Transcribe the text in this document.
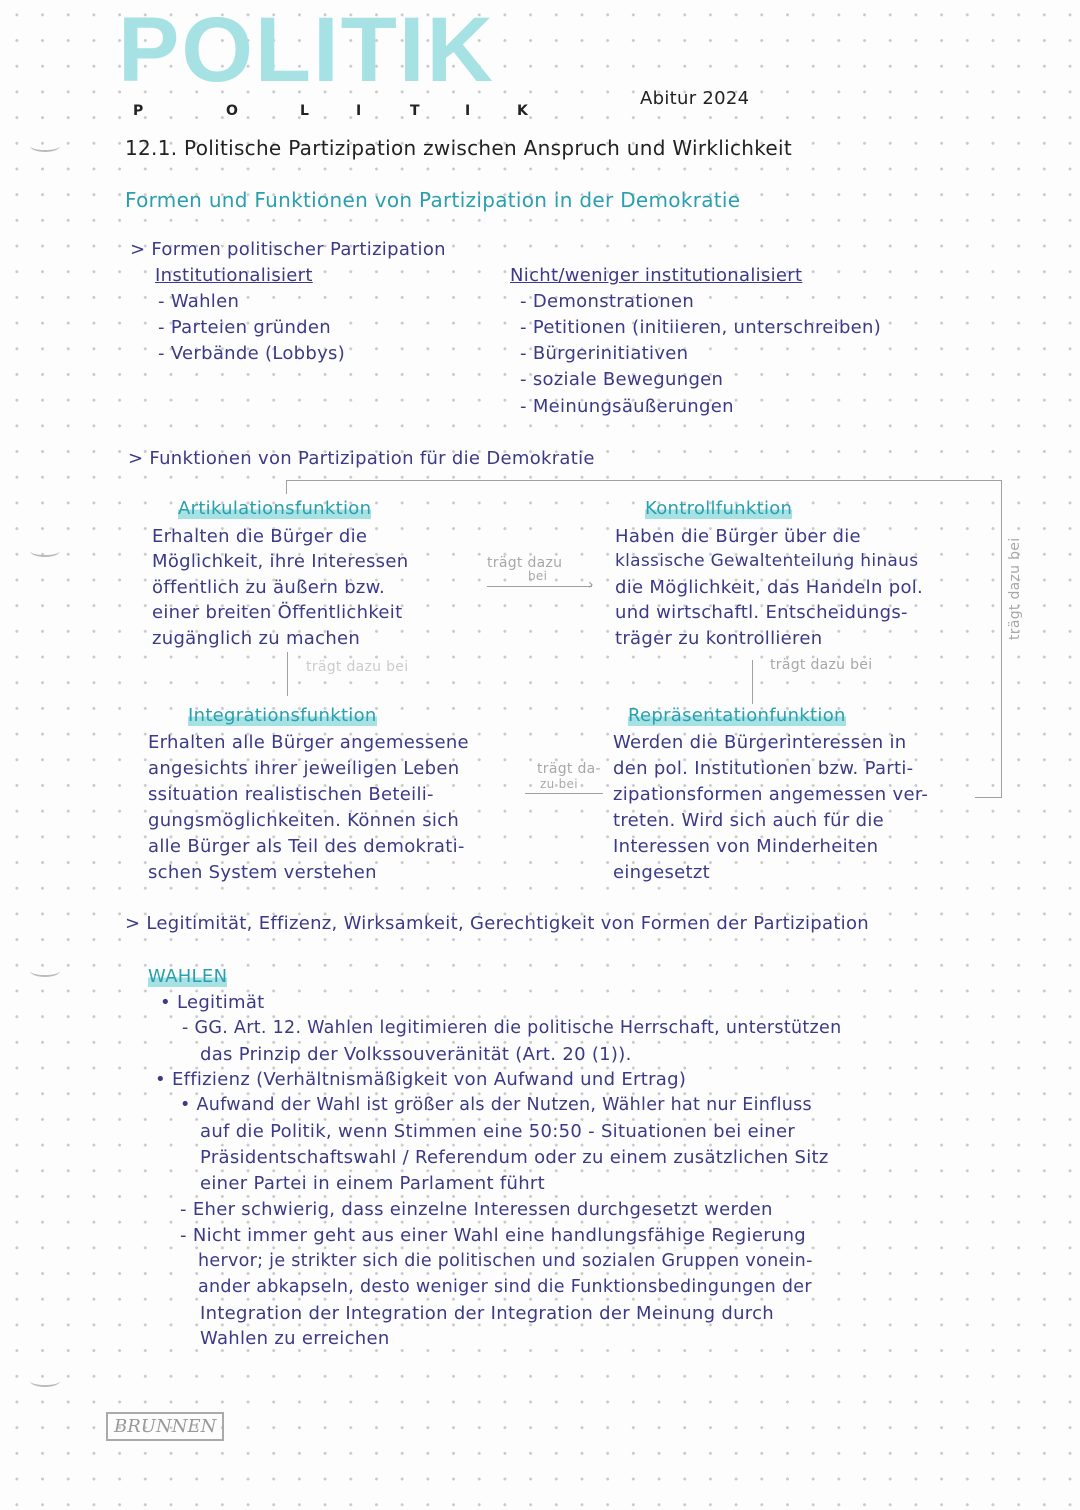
POLITIK
P	O	L	I	T	I	K
Abitur 2024
12.1. Politische Partizipation zwischen Anspruch und Wirklichkeit
Formen und Funktionen von Partizipation in der Demokratie
> Formen politischer Partizipation
Institutionalisiert
- Wahlen
- Parteien gründen
- Verbände (Lobbys)
Nicht/weniger institutionalisiert
- Demonstrationen
- Petitionen (initiieren, unterschreiben)
- Bürgerinitiativen
- soziale Bewegungen
- Meinungsäußerungen
> Funktionen von Partizipation für die Demokratie
trägt dazu bei
Artikulationsfunktion
Erhalten die Bürger die
Möglichkeit, ihre Interessen
öffentlich zu äußern bzw.
einer breiten Öffentlichkeit
zugänglich zu machen
Kontrollfunktion
Haben die Bürger über die
klassische Gewaltenteilung hinaus
die Möglichkeit, das Handeln pol.
und wirtschaftl. Entscheidungs-
träger zu kontrollieren
trägt dazu
bei
›
trägt dazu bei	trägt dazu bei
Integrationsfunktion
Erhalten alle Bürger angemessene
angesichts ihrer jeweiligen Leben
ssituation realistischen Beteili-
gungsmöglichkeiten. Können sich
alle Bürger als Teil des demokrati-
schen System verstehen
Repräsentationfunktion
Werden die Bürgerinteressen in
den pol. Institutionen bzw. Parti-
zipationsformen angemessen ver-
treten. Wird sich auch für die
Interessen von Minderheiten
eingesetzt
trägt da-
zu bei
> Legitimität, Effizenz, Wirksamkeit, Gerechtigkeit von Formen der Partizipation
WAHLEN
• Legitimät
- GG. Art. 12. Wahlen legitimieren die politische Herrschaft, unterstützen
das Prinzip der Volkssouveränität (Art. 20 (1)).
• Effizienz (Verhältnismäßigkeit von Aufwand und Ertrag)
• Aufwand der Wahl ist größer als der Nutzen, Wähler hat nur Einfluss
auf die Politik, wenn Stimmen eine 50:50 - Situationen bei einer
Präsidentschaftswahl / Referendum oder zu einem zusätzlichen Sitz
einer Partei in einem Parlament führt
- Eher schwierig, dass einzelne Interessen durchgesetzt werden
- Nicht immer geht aus einer Wahl eine handlungsfähige Regierung
hervor; je strikter sich die politischen und sozialen Gruppen vonein-
ander abkapseln, desto weniger sind die Funktionsbedingungen der
Integration der Integration der Integration der Meinung durch
Wahlen zu erreichen
BRUNNEN
